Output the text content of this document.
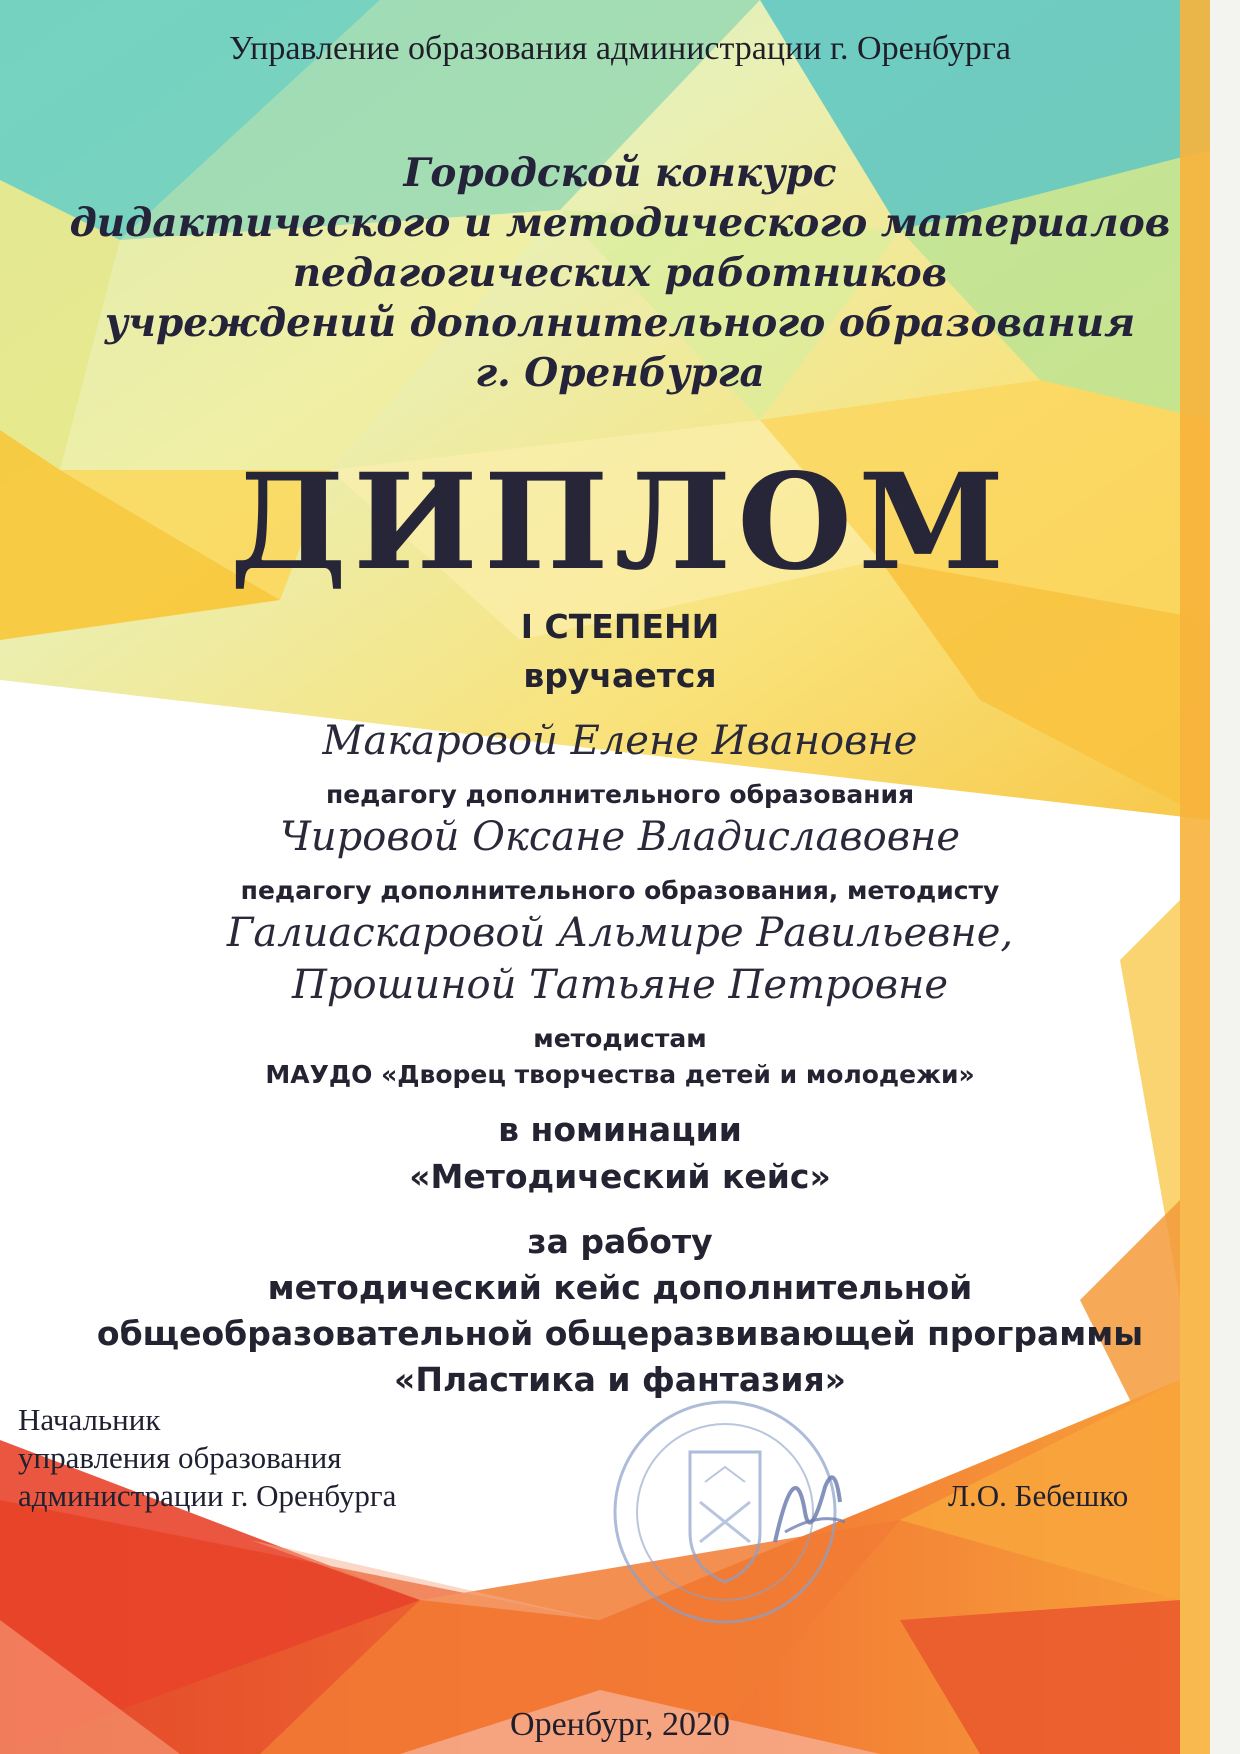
Управление образования администрации г. Оренбурга
Городской конкурс
дидактического и методического материалов
педагогических работников
учреждений дополнительного образования
г. Оренбурга
ДИПЛОМ
I СТЕПЕНИ
вручается
Макаровой Елене Ивановне
педагогу дополнительного образования
Чировой Оксане Владиславовне
педагогу дополнительного образования, методисту
Галиаскаровой Альмире Равильевне,
Прошиной Татьяне Петровне
методистам
МАУДО «Дворец творчества детей и молодежи»
в номинации
«Методический кейс»
за работу
методический кейс дополнительной
общеобразовательной общеразвивающей программы
«Пластика и фантазия»
Начальник
управления образования
администрации г. Оренбурга	Л.О. Бебешко
Оренбург, 2020
